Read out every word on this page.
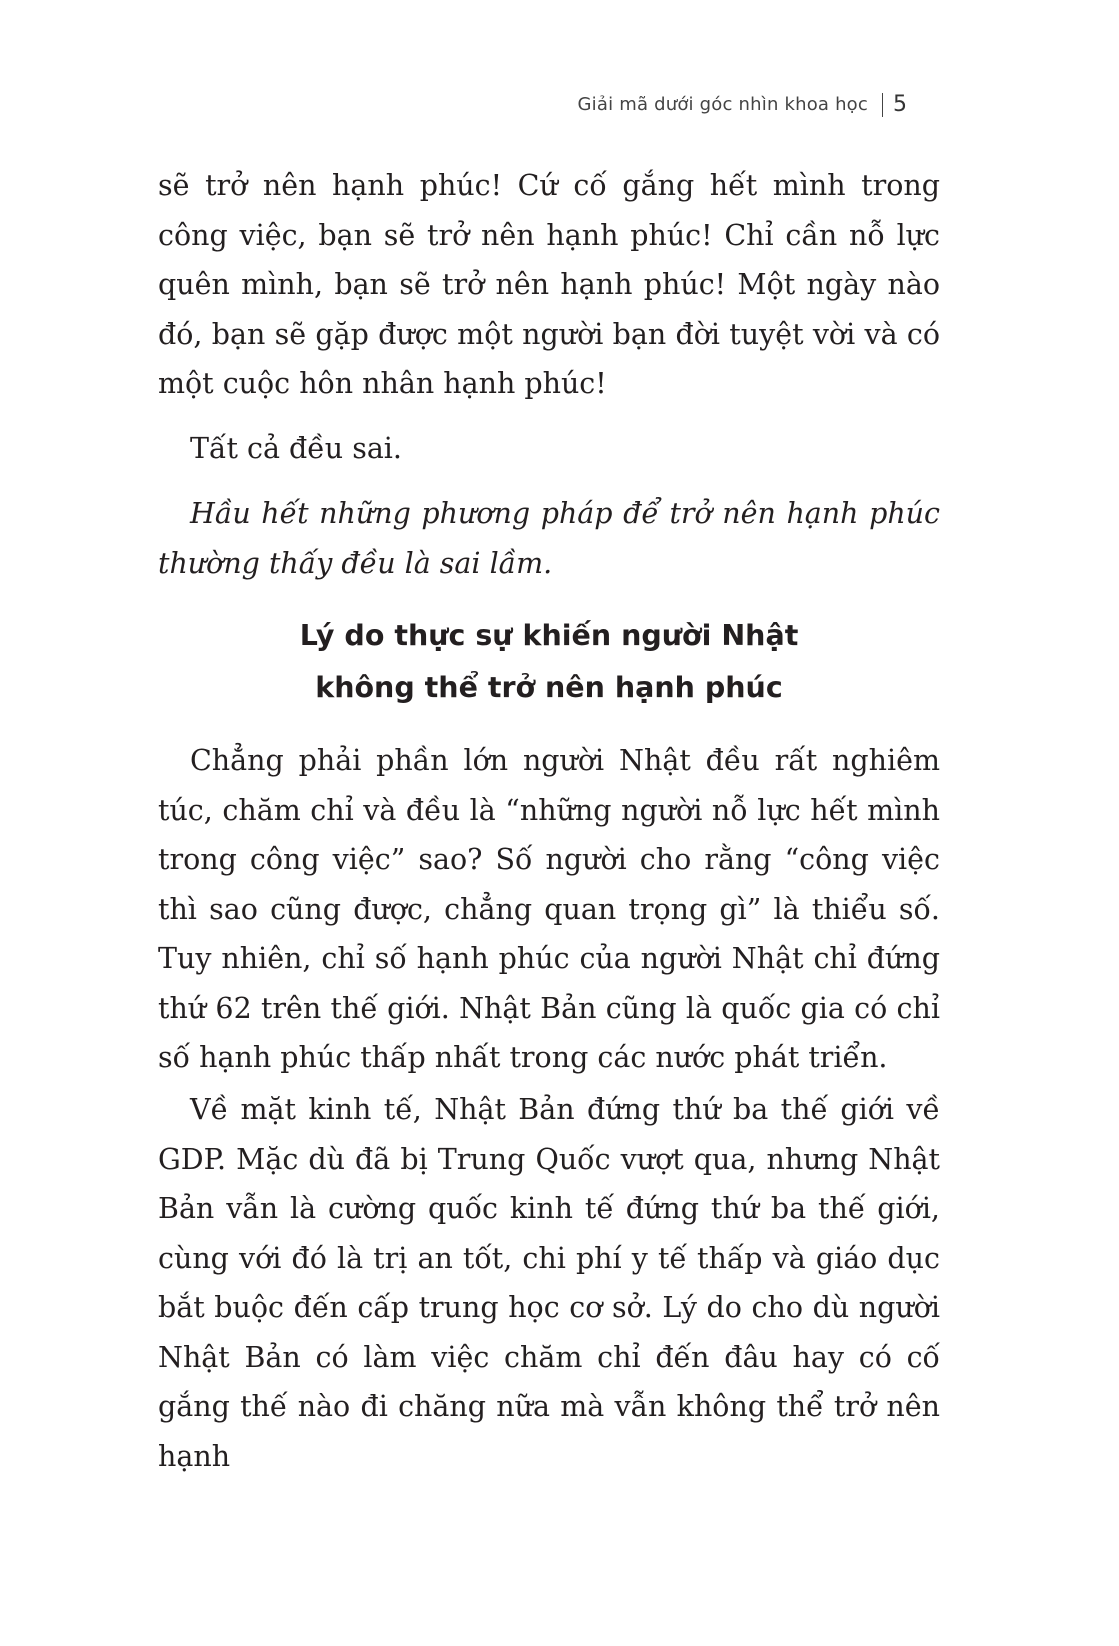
Giải mã dưới góc nhìn khoa học 5

sẽ trở nên hạnh phúc! Cứ cố gắng hết mình trong công việc, bạn sẽ trở nên hạnh phúc! Chỉ cần nỗ lực quên mình, bạn sẽ trở nên hạnh phúc! Một ngày nào đó, bạn sẽ gặp được một người bạn đời tuyệt vời và có một cuộc hôn nhân hạnh phúc!

Tất cả đều sai.

Hầu hết những phương pháp để trở nên hạnh phúc thường thấy đều là sai lầm.

Lý do thực sự khiến người Nhật
không thể trở nên hạnh phúc

Chẳng phải phần lớn người Nhật đều rất nghiêm túc, chăm chỉ và đều là “những người nỗ lực hết mình trong công việc” sao? Số người cho rằng “công việc thì sao cũng được, chẳng quan trọng gì” là thiểu số. Tuy nhiên, chỉ số hạnh phúc của người Nhật chỉ đứng thứ 62 trên thế giới. Nhật Bản cũng là quốc gia có chỉ số hạnh phúc thấp nhất trong các nước phát triển.

Về mặt kinh tế, Nhật Bản đứng thứ ba thế giới về GDP. Mặc dù đã bị Trung Quốc vượt qua, nhưng Nhật Bản vẫn là cường quốc kinh tế đứng thứ ba thế giới, cùng với đó là trị an tốt, chi phí y tế thấp và giáo dục bắt buộc đến cấp trung học cơ sở. Lý do cho dù người Nhật Bản có làm việc chăm chỉ đến đâu hay có cố gắng thế nào đi chăng nữa mà vẫn không thể trở nên hạnh
